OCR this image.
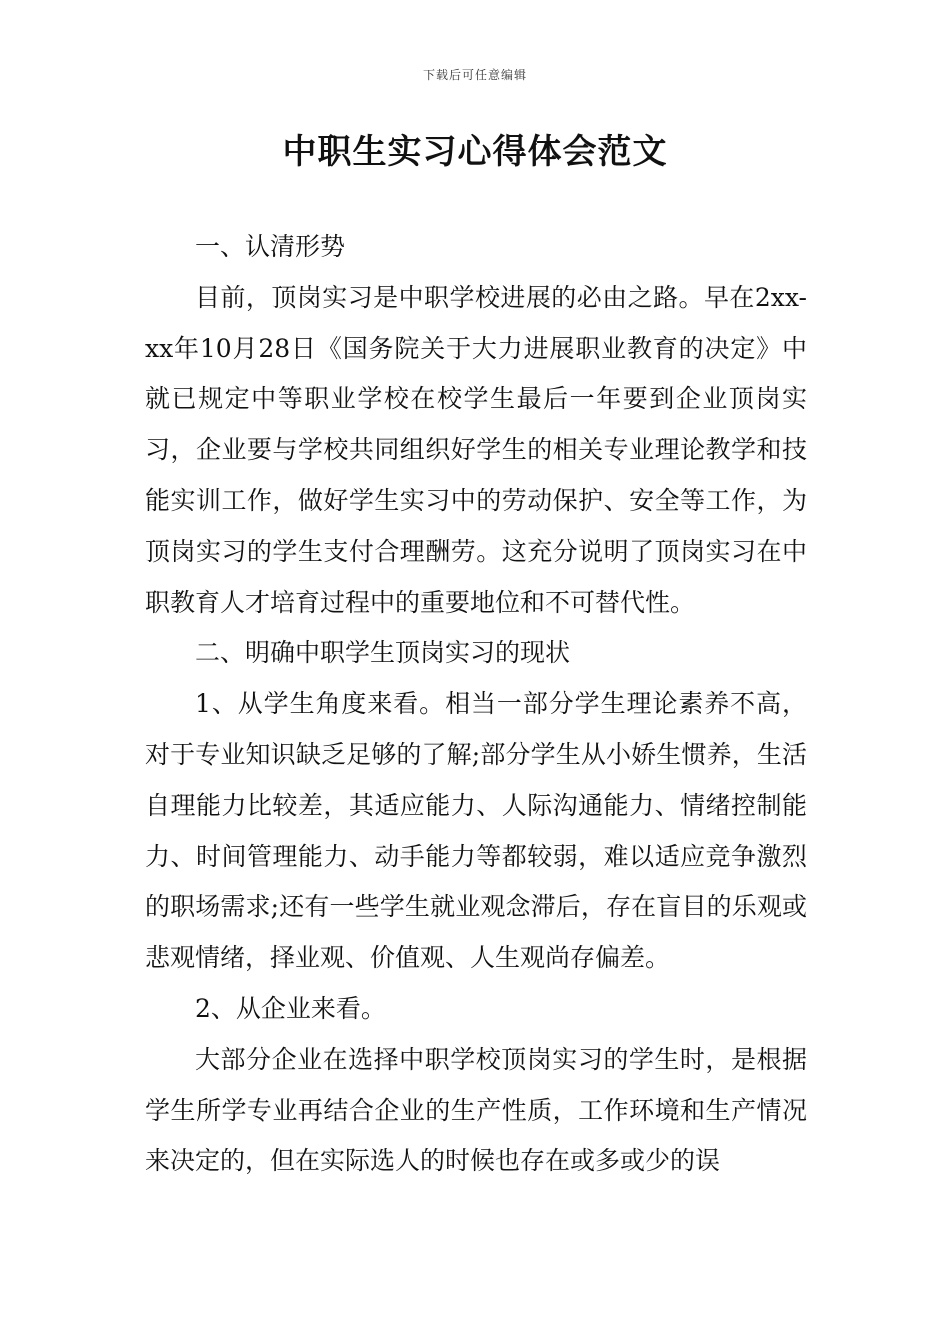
下载后可任意编辑
中职生实习心得体会范文

一、认清形势

目前，顶岗实习是中职学校进展的必由之路。早在2xx-xx年10月28日《国务院关于大力进展职业教育的决定》中就已规定中等职业学校在校学生最后一年要到企业顶岗实习，企业要与学校共同组织好学生的相关专业理论教学和技能实训工作，做好学生实习中的劳动保护、安全等工作，为顶岗实习的学生支付合理酬劳。这充分说明了顶岗实习在中职教育人才培育过程中的重要地位和不可替代性。

二、明确中职学生顶岗实习的现状

1、从学生角度来看。相当一部分学生理论素养不高，对于专业知识缺乏足够的了解;部分学生从小娇生惯养，生活自理能力比较差，其适应能力、人际沟通能力、情绪控制能力、时间管理能力、动手能力等都较弱，难以适应竞争激烈的职场需求;还有一些学生就业观念滞后，存在盲目的乐观或悲观情绪，择业观、价值观、人生观尚存偏差。

2、从企业来看。

大部分企业在选择中职学校顶岗实习的学生时，是根据学生所学专业再结合企业的生产性质，工作环境和生产情况来决定的，但在实际选人的时候也存在或多或少的误
